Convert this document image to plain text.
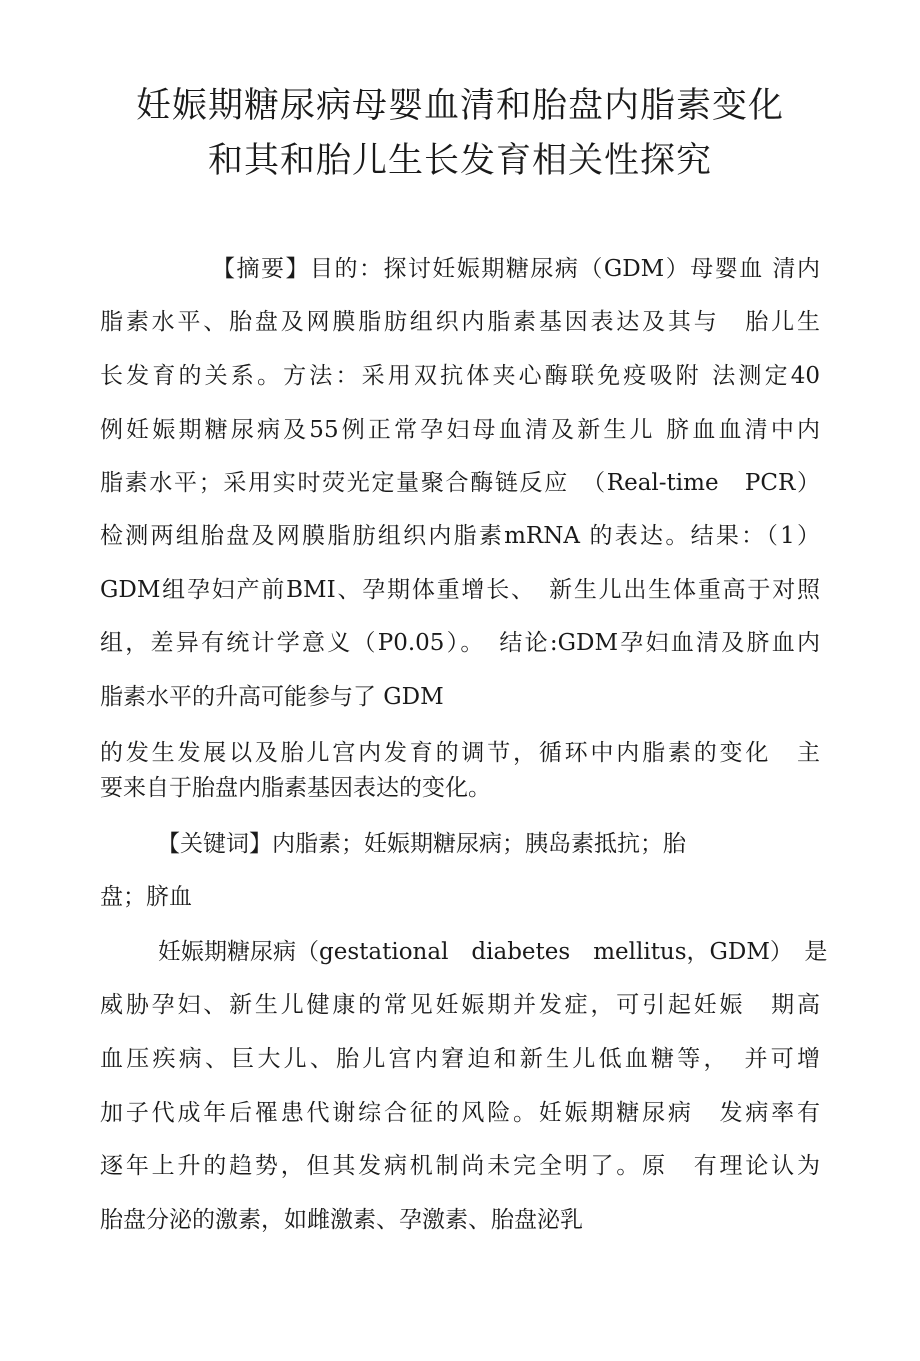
妊娠期糖尿病母婴血清和胎盘内脂素变化
和其和胎儿生长发育相关性探究

【摘要】目的：探讨妊娠期糖尿病（GDM）母婴血 清内

脂素水平、胎盘及网膜脂肪组织内脂素基因表达及其与　胎儿生

长发育的关系。方法：采用双抗体夹心酶联免疫吸附 法测定40

例妊娠期糖尿病及55例正常孕妇母血清及新生儿 脐血血清中内

脂素水平；采用实时荧光定量聚合酶链反应　（Real-time　PCR）

检测两组胎盘及网膜脂肪组织内脂素mRNA 的表达。结果：（1）

GDM组孕妇产前BMI、孕期体重增长、　新生儿出生体重高于对照

组，差异有统计学意义（P0.05）。　结论:GDM孕妇血清及脐血内

脂素水平的升高可能参与了 GDM

的发生发展以及胎儿宫内发育的调节，循环中内脂素的变化　主

要来自于胎盘内脂素基因表达的变化。

【关键词】内脂素；妊娠期糖尿病；胰岛素抵抗；胎

盘；脐血

妊娠期糖尿病（gestational　diabetes　mellitus，GDM）　是

威胁孕妇、新生儿健康的常见妊娠期并发症，可引起妊娠　期高

血压疾病、巨大儿、胎儿宫内窘迫和新生儿低血糖等，　并可增

加子代成年后罹患代谢综合征的风险。妊娠期糖尿病　发病率有

逐年上升的趋势，但其发病机制尚未完全明了。原　有理论认为

胎盘分泌的激素，如雌激素、孕激素、胎盘泌乳
